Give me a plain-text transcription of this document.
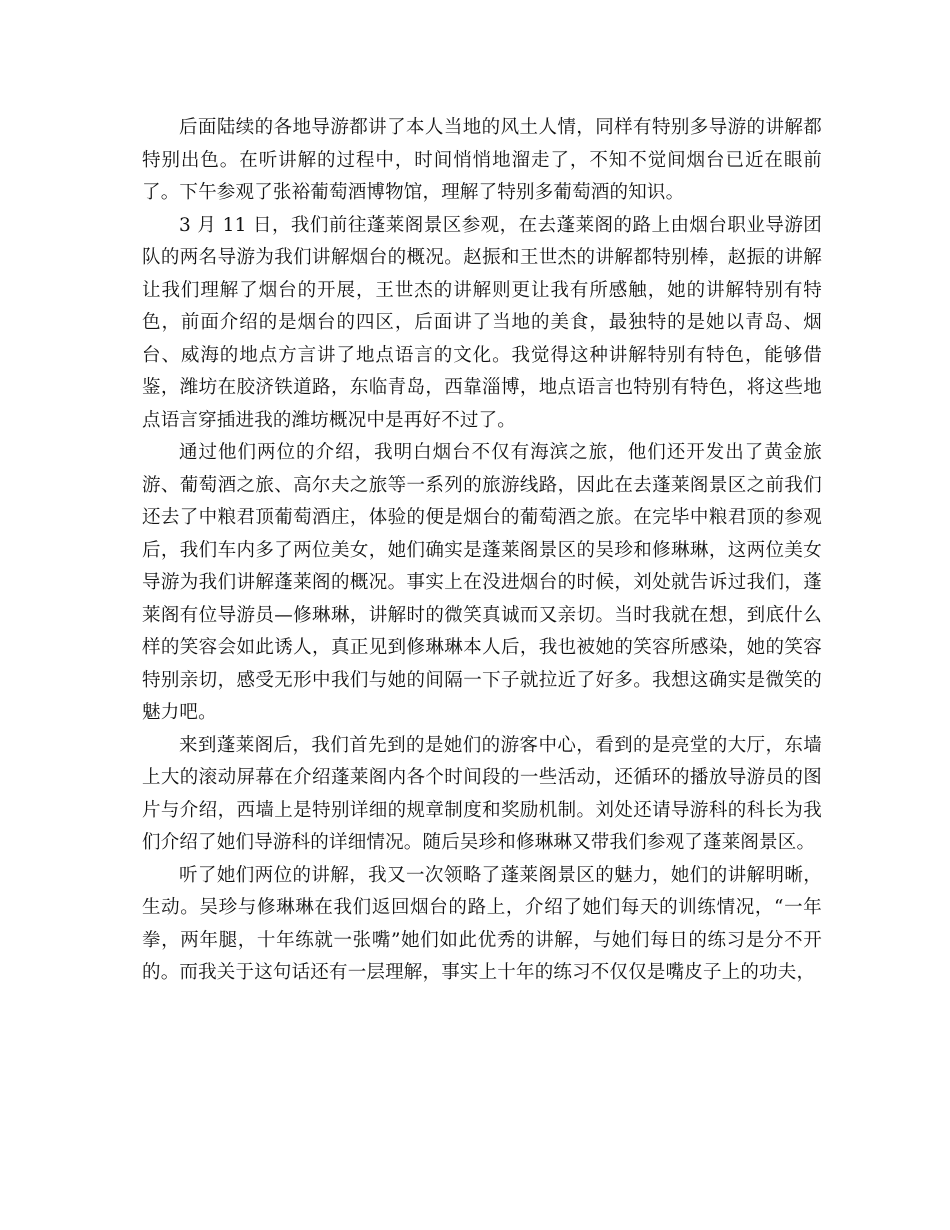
后面陆续的各地导游都讲了本人当地的风土人情，同样有特别多导游的讲解都特别出色。在听讲解的过程中，时间悄悄地溜走了，不知不觉间烟台已近在眼前了。下午参观了张裕葡萄酒博物馆，理解了特别多葡萄酒的知识。

3 月 11 日，我们前往蓬莱阁景区参观，在去蓬莱阁的路上由烟台职业导游团队的两名导游为我们讲解烟台的概况。赵振和王世杰的讲解都特别棒，赵振的讲解让我们理解了烟台的开展，王世杰的讲解则更让我有所感触，她的讲解特别有特色，前面介绍的是烟台的四区，后面讲了当地的美食，最独特的是她以青岛、烟台、威海的地点方言讲了地点语言的文化。我觉得这种讲解特别有特色，能够借鉴，潍坊在胶济铁道路，东临青岛，西靠淄博，地点语言也特别有特色，将这些地点语言穿插进我的潍坊概况中是再好不过了。

通过他们两位的介绍，我明白烟台不仅有海滨之旅，他们还开发出了黄金旅游、葡萄酒之旅、高尔夫之旅等一系列的旅游线路，因此在去蓬莱阁景区之前我们还去了中粮君顶葡萄酒庄，体验的便是烟台的葡萄酒之旅。在完毕中粮君顶的参观后，我们车内多了两位美女，她们确实是蓬莱阁景区的吴珍和修琳琳，这两位美女导游为我们讲解蓬莱阁的概况。事实上在没进烟台的时候，刘处就告诉过我们，蓬莱阁有位导游员—修琳琳，讲解时的微笑真诚而又亲切。当时我就在想，到底什么样的笑容会如此诱人，真正见到修琳琳本人后，我也被她的笑容所感染，她的笑容特别亲切，感受无形中我们与她的间隔一下子就拉近了好多。我想这确实是微笑的魅力吧。

来到蓬莱阁后，我们首先到的是她们的游客中心，看到的是亮堂的大厅，东墙上大的滚动屏幕在介绍蓬莱阁内各个时间段的一些活动，还循环的播放导游员的图片与介绍，西墙上是特别详细的规章制度和奖励机制。刘处还请导游科的科长为我们介绍了她们导游科的详细情况。随后吴珍和修琳琳又带我们参观了蓬莱阁景区。

听了她们两位的讲解，我又一次领略了蓬莱阁景区的魅力，她们的讲解明晰，生动。吴珍与修琳琳在我们返回烟台的路上，介绍了她们每天的训练情况，“一年拳，两年腿，十年练就一张嘴”她们如此优秀的讲解，与她们每日的练习是分不开的。而我关于这句话还有一层理解，事实上十年的练习不仅仅是嘴皮子上的功夫，
